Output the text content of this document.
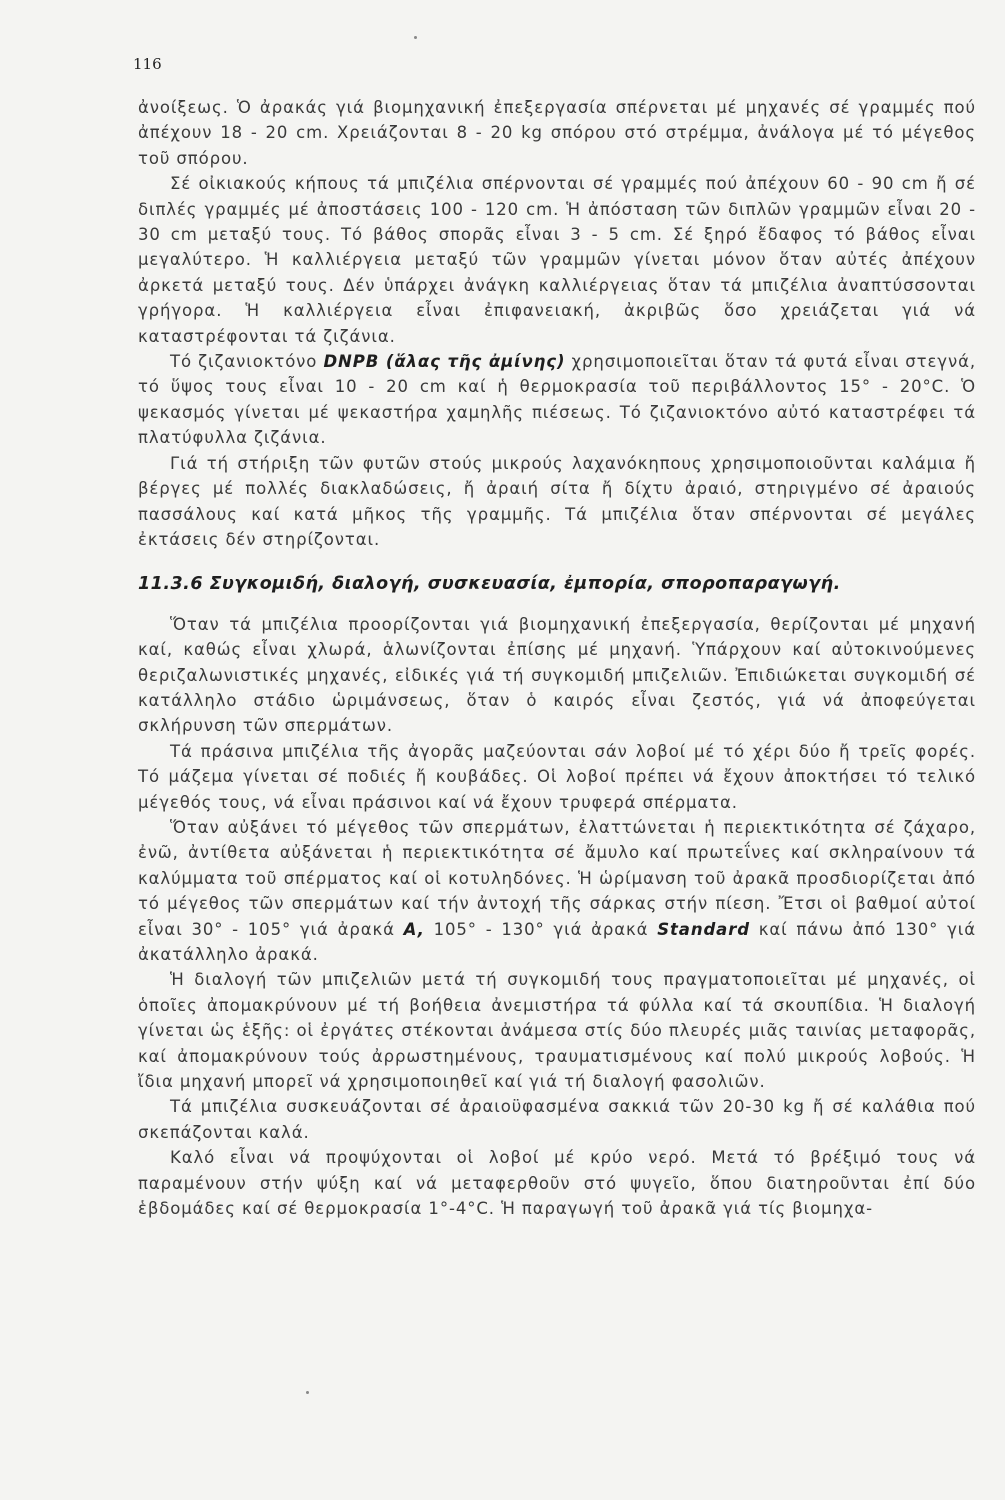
116

ἀνοίξεως. Ὁ ἀρακάς γιά βιομηχανική ἐπεξεργασία σπέρνεται μέ μηχανές σέ γραμμές πού ἀπέχουν 18 - 20 cm. Χρειάζονται 8 - 20 kg σπόρου στό στρέμμα, ἀνάλογα μέ τό μέγεθος τοῦ σπόρου.

Σέ οἰκιακούς κήπους τά μπιζέλια σπέρνονται σέ γραμμές πού ἀπέχουν 60 - 90 cm ἤ σέ διπλές γραμμές μέ ἀποστάσεις 100 - 120 cm. Ἡ ἀπόσταση τῶν διπλῶν γραμμῶν εἶναι 20 - 30 cm μεταξύ τους. Τό βάθος σπορᾶς εἶναι 3 - 5 cm. Σέ ξηρό ἔδαφος τό βάθος εἶναι μεγαλύτερο. Ἡ καλλιέργεια μεταξύ τῶν γραμμῶν γίνεται μόνον ὅταν αὐτές ἀπέχουν ἀρκετά μεταξύ τους. Δέν ὑπάρχει ἀνάγκη καλλιέργειας ὅταν τά μπιζέλια ἀναπτύσσονται γρήγορα. Ἡ καλλιέργεια εἶναι ἐπιφανειακή, ἀκριβῶς ὅσο χρειάζεται γιά νά καταστρέφονται τά ζιζάνια.

Τό ζιζανιοκτόνο DNPB (ἅλας τῆς ἀμίνης) χρησιμοποιεῖται ὅταν τά φυτά εἶναι στεγνά, τό ὕψος τους εἶναι 10 - 20 cm καί ἡ θερμοκρασία τοῦ περιβάλλοντος 15° - 20°C. Ὁ ψεκασμός γίνεται μέ ψεκαστήρα χαμηλῆς πιέσεως. Τό ζιζανιοκτόνο αὐτό καταστρέφει τά πλατύφυλλα ζιζάνια.

Γιά τή στήριξη τῶν φυτῶν στούς μικρούς λαχανόκηπους χρησιμοποιοῦνται καλάμια ἤ βέργες μέ πολλές διακλαδώσεις, ἤ ἀραιή σίτα ἤ δίχτυ ἀραιό, στηριγμένο σέ ἀραιούς πασσάλους καί κατά μῆκος τῆς γραμμῆς. Τά μπιζέλια ὅταν σπέρνονται σέ μεγάλες ἐκτάσεις δέν στηρίζονται.

11.3.6 Συγκομιδή, διαλογή, συσκευασία, ἐμπορία, σποροπαραγωγή.

Ὅταν τά μπιζέλια προορίζονται γιά βιομηχανική ἐπεξεργασία, θερίζονται μέ μηχανή καί, καθώς εἶναι χλωρά, ἁλωνίζονται ἐπίσης μέ μηχανή. Ὑπάρχουν καί αὐτοκινούμενες θεριζαλωνιστικές μηχανές, εἰδικές γιά τή συγκομιδή μπιζελιῶν. Ἐπιδιώκεται συγκομιδή σέ κατάλληλο στάδιο ὡριμάνσεως, ὅταν ὁ καιρός εἶναι ζεστός, γιά νά ἀποφεύγεται σκλήρυνση τῶν σπερμάτων.

Τά πράσινα μπιζέλια τῆς ἀγορᾶς μαζεύονται σάν λοβοί μέ τό χέρι δύο ἤ τρεῖς φορές. Τό μάζεμα γίνεται σέ ποδιές ἤ κουβάδες. Οἱ λοβοί πρέπει νά ἔχουν ἀποκτήσει τό τελικό μέγεθός τους, νά εἶναι πράσινοι καί νά ἔχουν τρυφερά σπέρματα.

Ὅταν αὐξάνει τό μέγεθος τῶν σπερμάτων, ἐλαττώνεται ἡ περιεκτικότητα σέ ζάχαρο, ἐνῶ, ἀντίθετα αὐξάνεται ἡ περιεκτικότητα σέ ἄμυλο καί πρωτεΐνες καί σκληραίνουν τά καλύμματα τοῦ σπέρματος καί οἱ κοτυληδόνες. Ἡ ὡρίμανση τοῦ ἀρακᾶ προσδιορίζεται ἀπό τό μέγεθος τῶν σπερμάτων καί τήν ἀντοχή τῆς σάρκας στήν πίεση. Ἔτσι οἱ βαθμοί αὐτοί εἶναι 30° - 105° γιά ἀρακά A, 105° - 130° γιά ἀρακά Standard καί πάνω ἀπό 130° γιά ἀκατάλληλο ἀρακά.

Ἡ διαλογή τῶν μπιζελιῶν μετά τή συγκομιδή τους πραγματοποιεῖται μέ μηχανές, οἱ ὁποῖες ἀπομακρύνουν μέ τή βοήθεια ἀνεμιστήρα τά φύλλα καί τά σκουπίδια. Ἡ διαλογή γίνεται ὡς ἑξῆς: οἱ ἐργάτες στέκονται ἀνάμεσα στίς δύο πλευρές μιᾶς ταινίας μεταφορᾶς, καί ἀπομακρύνουν τούς ἀρρωστημένους, τραυματισμένους καί πολύ μικρούς λοβούς. Ἡ ἴδια μηχανή μπορεῖ νά χρησιμοποιηθεῖ καί γιά τή διαλογή φασολιῶν.

Τά μπιζέλια συσκευάζονται σέ ἀραιοϋφασμένα σακκιά τῶν 20-30 kg ἤ σέ καλάθια πού σκεπάζονται καλά.

Καλό εἶναι νά προψύχονται οἱ λοβοί μέ κρύο νερό. Μετά τό βρέξιμό τους νά παραμένουν στήν ψύξη καί νά μεταφερθοῦν στό ψυγεῖο, ὅπου διατηροῦνται ἐπί δύο ἑβδομάδες καί σέ θερμοκρασία 1°-4°C. Ἡ παραγωγή τοῦ ἀρακᾶ γιά τίς βιομηχα-
